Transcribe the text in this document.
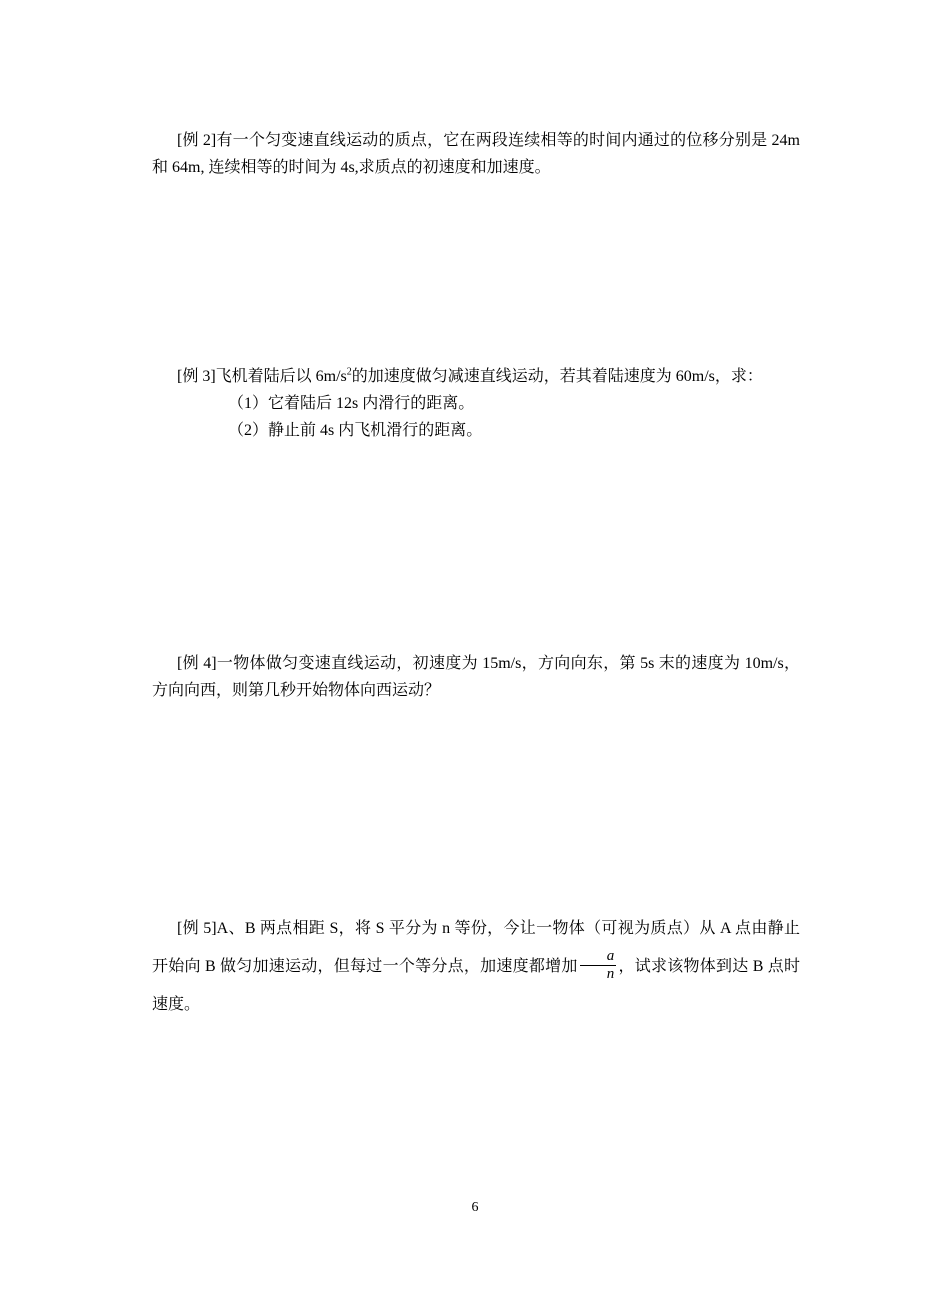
[例 2]有一个匀变速直线运动的质点，它在两段连续相等的时间内通过的位移分别是 24m 和 64m, 连续相等的时间为 4s,求质点的初速度和加速度。
[例 3]飞机着陆后以 $6m/s^2$的加速度做匀减速直线运动，若其着陆速度为 60m/s，求：
（1）它着陆后 12s 内滑行的距离。
（2）静止前 4s 内飞机滑行的距离。
[例 4]一物体做匀变速直线运动，初速度为 15m/s，方向向东，第 5s 末的速度为 10m/s，方向向西，则第几秒开始物体向西运动？
[例 5]A、B 两点相距 S，将 S 平分为 n 等份，今让一物体（可视为质点）从 A 点由静止开始向 B 做匀加速运动，但每过一个等分点，加速度都增加 $\frac{a}{n}$ ，试求该物体到达 B 点时速度。
6
